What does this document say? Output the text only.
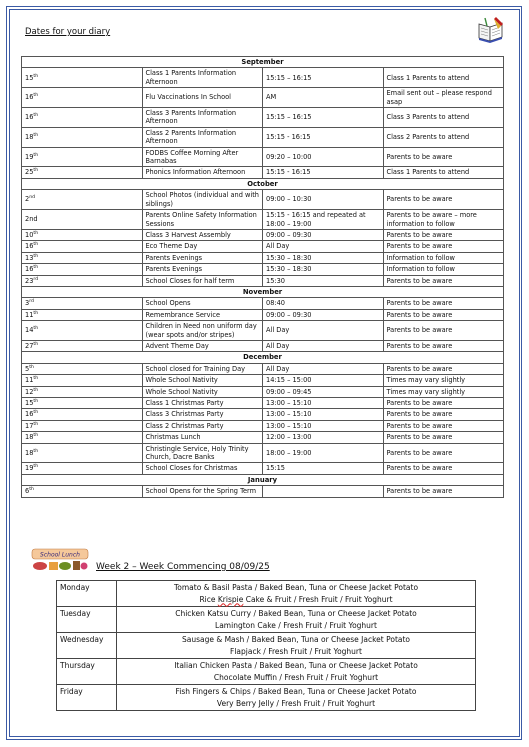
Dates for your diary
September			
15th	Class 1 Parents Information Afternoon	15:15 – 16:15	Class 1 Parents to attend
16th	Flu Vaccinations In School	AM	Email sent out – please respond asap
16th	Class 3 Parents Information Afternoon	15:15 – 16:15	Class 3 Parents to attend
18th	Class 2 Parents Information Afternoon	15:15 - 16:15	Class 2 Parents to attend
19th	FODBS Coffee Morning After Barnabas	09:20 – 10:00	Parents to be aware
25th	Phonics Information Afternoon	15:15 - 16:15	Class 1 Parents to attend
October			
2nd	School Photos (individual and with siblings)	09:00 – 10:30	Parents to be aware
2nd	Parents Online Safety Information Sessions	15:15 - 16:15 and repeated at 18:00 – 19:00	Parents to be aware – more information to follow
10th	Class 3 Harvest Assembly	09:00 – 09:30	Parents to be aware
16th	Eco Theme Day	All Day	Parents to be aware
13th	Parents Evenings	15:30 – 18:30	Information to follow
16th	Parents Evenings	15:30 – 18:30	Information to follow
23rd	School Closes for half term	15:30	Parents to be aware
November			
3rd	School Opens	08:40	Parents to be aware
11th	Remembrance Service	09:00 – 09:30	Parents to be aware
14th	Children in Need non uniform day (wear spots and/or stripes)	All Day	Parents to be aware
27th	Advent Theme Day	All Day	Parents to be aware
December			
5th	School closed for Training Day	All Day	Parents to be aware
11th	Whole School Nativity	14:15 – 15:00	Times may vary slightly
12th	Whole School Nativity	09:00 – 09:45	Times may vary slightly
15th	Class 1 Christmas Party	13:00 – 15:10	Parents to be aware
16th	Class 3 Christmas Party	13:00 – 15:10	Parents to be aware
17th	Class 2 Christmas Party	13:00 – 15:10	Parents to be aware
18th	Christmas Lunch	12:00 – 13:00	Parents to be aware
18th	Christingle Service, Holy Trinity Church, Dacre Banks	18:00 – 19:00	Parents to be aware
19th	School Closes for Christmas	15:15	Parents to be aware
January			
6th	School Opens for the Spring Term		Parents to be aware
School Lunch
Week 2 – Week Commencing 08/09/25
Monday	Tomato & Basil Pasta / Baked Bean, Tuna or Cheese Jacket Potato
Rice Krispie Cake & Fruit / Fresh Fruit / Fruit Yoghurt

Tuesday	Chicken Katsu Curry / Baked Bean, Tuna or Cheese Jacket Potato
Lamington Cake / Fresh Fruit / Fruit Yoghurt

Wednesday	Sausage & Mash / Baked Bean, Tuna or Cheese Jacket Potato
Flapjack / Fresh Fruit / Fruit Yoghurt

Thursday	Italian Chicken Pasta / Baked Bean, Tuna or Cheese Jacket Potato
Chocolate Muffin / Fresh Fruit / Fruit Yoghurt

Friday	Fish Fingers & Chips / Baked Bean, Tuna or Cheese Jacket Potato
Very Berry Jelly / Fresh Fruit / Fruit Yoghurt
